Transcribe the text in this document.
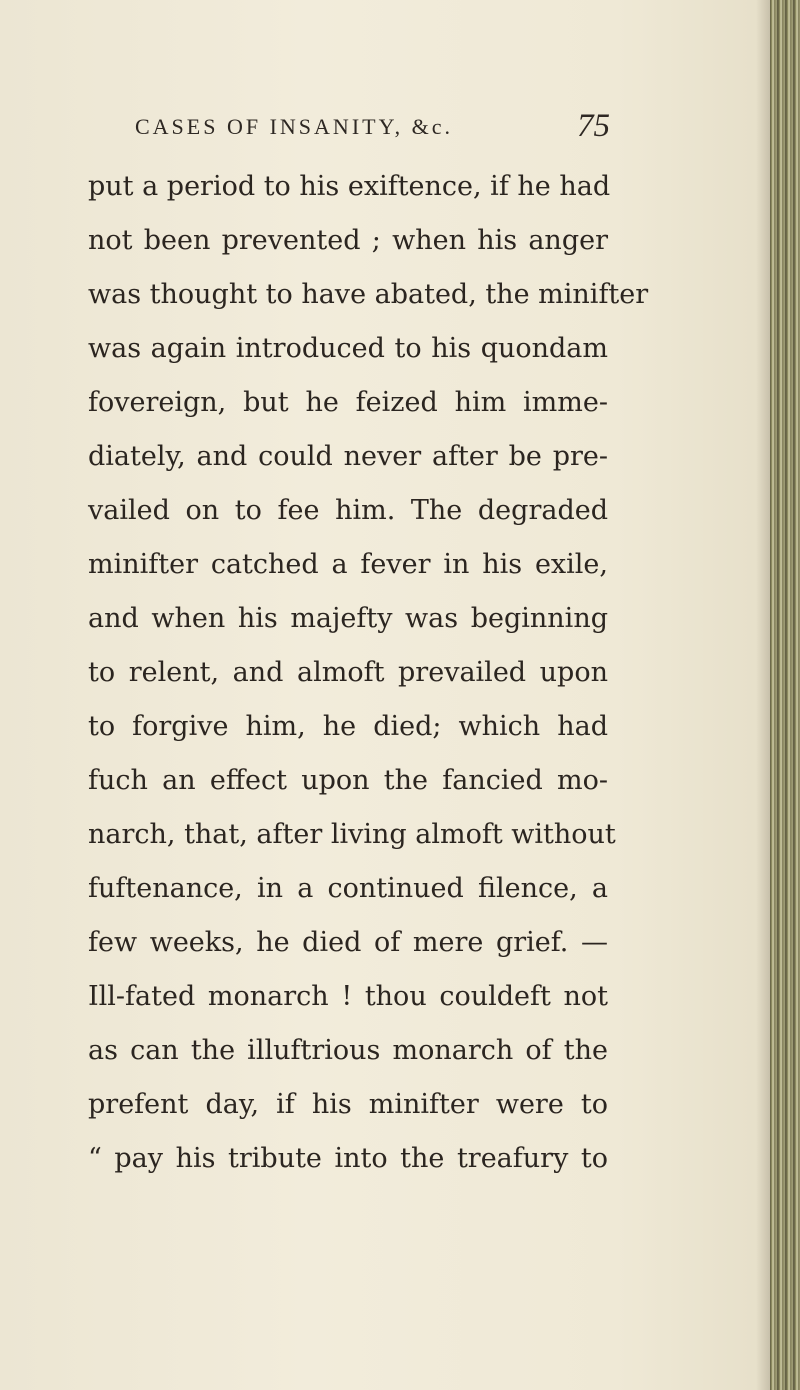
CASES OF INSANITY, &c.	75
put a period to his exiftence, if he had
not been prevented ; when his anger
was thought to have abated, the minifter
was again introduced to his quondam
fovereign, but he feized him imme-
diately, and could never after be pre-
vailed on to fee him. The degraded
minifter catched a fever in his exile,
and when his majefty was beginning
to relent, and almoft prevailed upon
to forgive him, he died; which had
fuch an effect upon the fancied mo-
narch, that, after living almoft without
fuftenance, in a continued filence, a
few weeks, he died of mere grief. —
Ill-fated monarch ! thou couldeft not
as can the illuftrious monarch of the
prefent day, if his minifter were to
“ pay his tribute into the treafury to
